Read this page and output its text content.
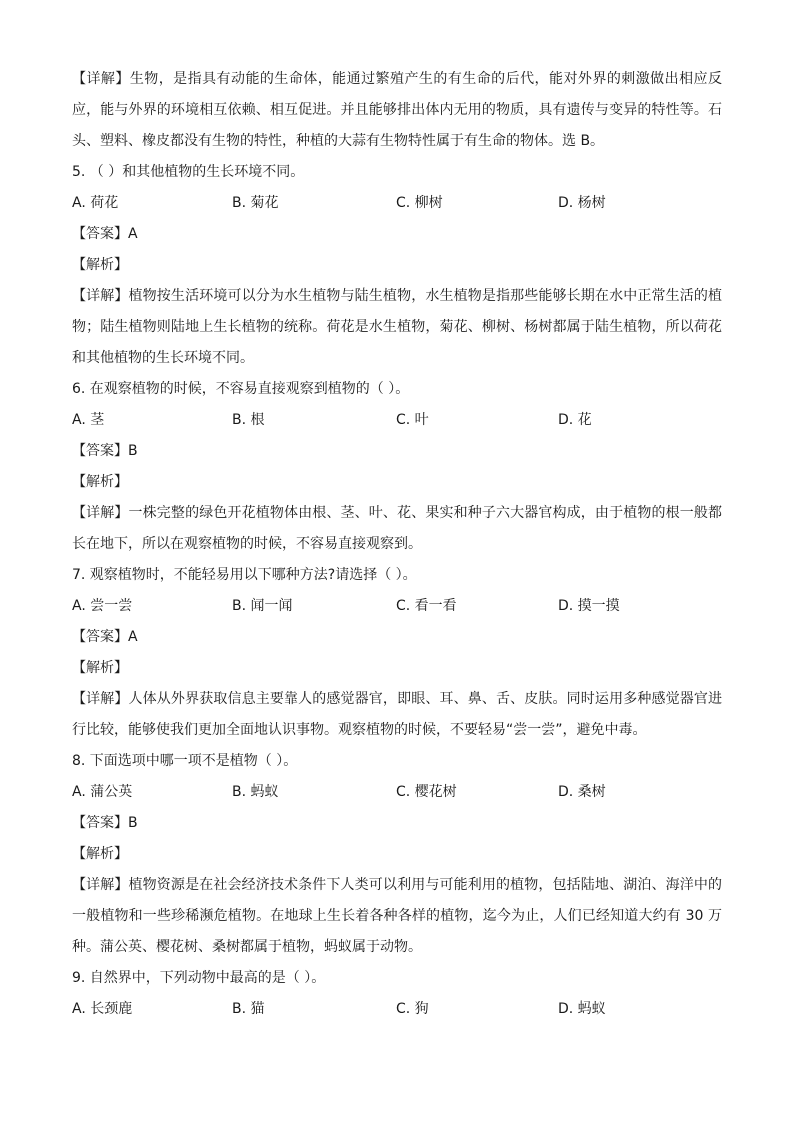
【详解】生物，是指具有动能的生命体，能通过繁殖产生的有生命的后代，能对外界的刺激做出相应反应，能与外界的环境相互依赖、相互促进。并且能够排出体内无用的物质，具有遗传与变异的特性等。石头、塑料、橡皮都没有生物的特性，种植的大蒜有生物特性属于有生命的物体。选 B。

5. （ ）和其他植物的生长环境不同。

A. 荷花	B. 菊花	C. 柳树	D. 杨树

【答案】A

【解析】

【详解】植物按生活环境可以分为水生植物与陆生植物，水生植物是指那些能够长期在水中正常生活的植物；陆生植物则陆地上生长植物的统称。荷花是水生植物，菊花、柳树、杨树都属于陆生植物，所以荷花和其他植物的生长环境不同。

6. 在观察植物的时候，不容易直接观察到植物的（ ）。

A. 茎	B. 根	C. 叶	D. 花

【答案】B

【解析】

【详解】一株完整的绿色开花植物体由根、茎、叶、花、果实和种子六大器官构成，由于植物的根一般都长在地下，所以在观察植物的时候，不容易直接观察到。

7. 观察植物时，不能轻易用以下哪种方法?请选择（ ）。

A. 尝一尝	B. 闻一闻	C. 看一看	D. 摸一摸

【答案】A

【解析】

【详解】人体从外界获取信息主要靠人的感觉器官，即眼、耳、鼻、舌、皮肤。同时运用多种感觉器官进行比较，能够使我们更加全面地认识事物。观察植物的时候，不要轻易“尝一尝”，避免中毒。

8. 下面选项中哪一项不是植物（ ）。

A. 蒲公英	B. 蚂蚁	C. 樱花树	D. 桑树

【答案】B

【解析】

【详解】植物资源是在社会经济技术条件下人类可以利用与可能利用的植物，包括陆地、湖泊、海洋中的一般植物和一些珍稀濒危植物。在地球上生长着各种各样的植物，迄今为止，人们已经知道大约有 30 万种。蒲公英、樱花树、桑树都属于植物，蚂蚁属于动物。

9. 自然界中，下列动物中最高的是（ ）。

A. 长颈鹿	B. 猫	C. 狗	D. 蚂蚁
